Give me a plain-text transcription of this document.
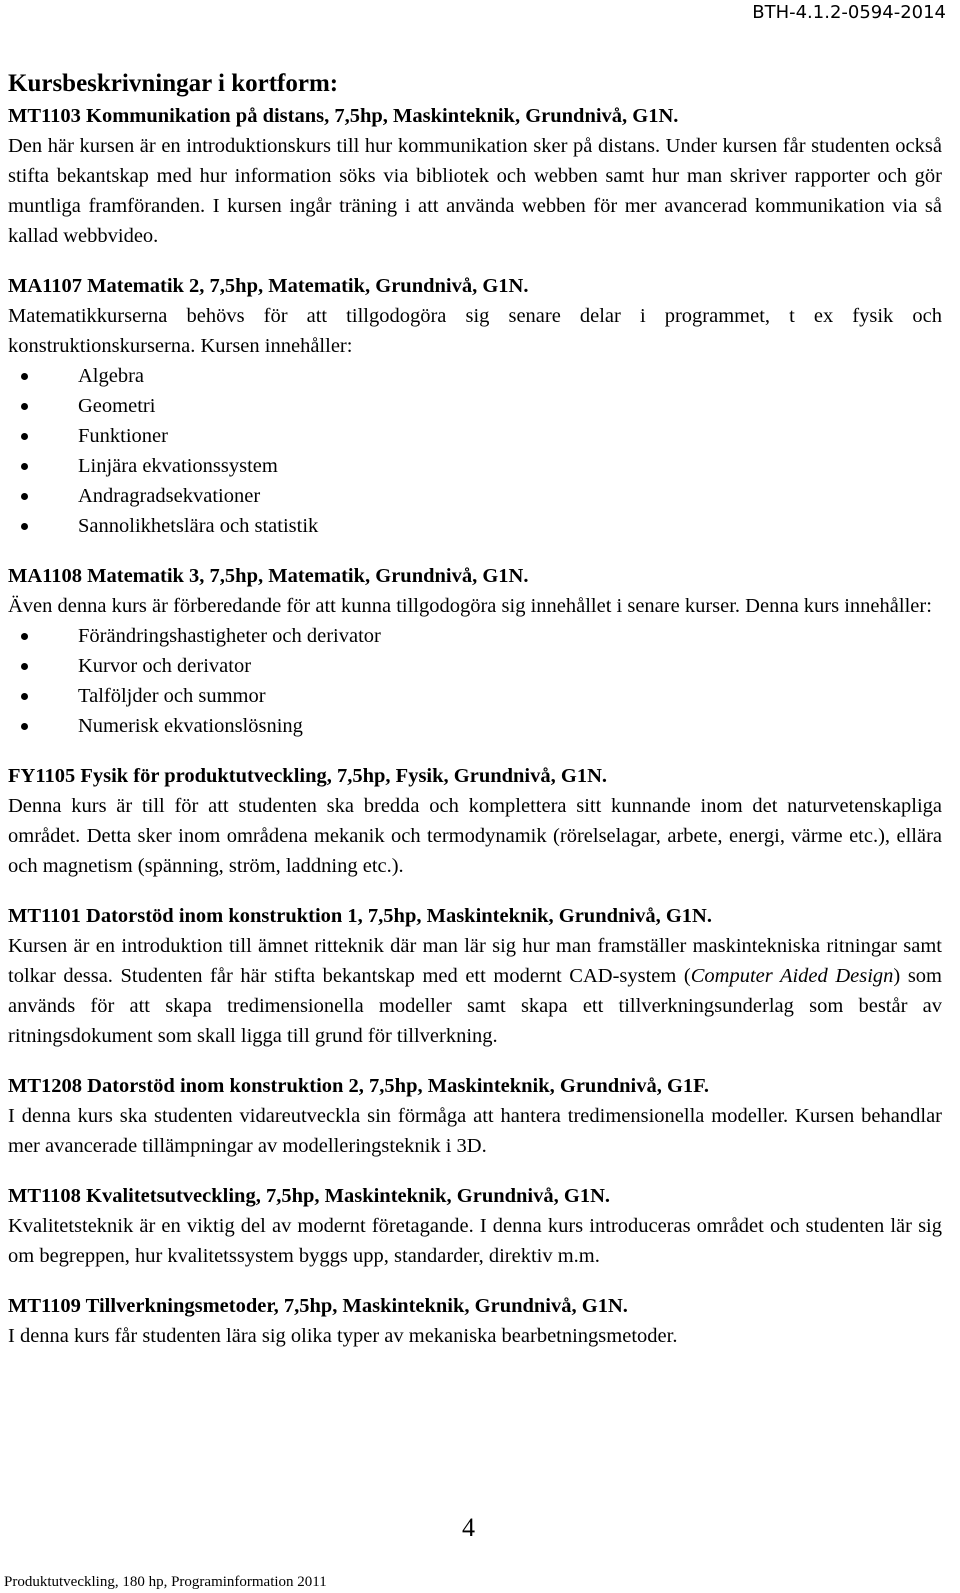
BTH-4.1.2-0594-2014
Kursbeskrivningar i kortform:

MT1103 Kommunikation på distans, 7,5hp, Maskinteknik, Grundnivå, G1N.

Den här kursen är en introduktionskurs till hur kommunikation sker på distans. Under kursen får studenten också stifta bekantskap med hur information söks via bibliotek och webben samt hur man skriver rapporter och gör muntliga framföranden. I kursen ingår träning i att använda webben för mer avancerad kommunikation via så kallad webbvideo.

MA1107 Matematik 2, 7,5hp, Matematik, Grundnivå, G1N.

Matematikkurserna behövs för att tillgodogöra sig senare delar i programmet, t ex fysik och konstruktionskurserna. Kursen innehåller:

Algebra
Geometri
Funktioner
Linjära ekvationssystem
Andragradsekvationer
Sannolikhetslära och statistik

MA1108 Matematik 3, 7,5hp, Matematik, Grundnivå, G1N.

Även denna kurs är förberedande för att kunna tillgodogöra sig innehållet i senare kurser. Denna kurs innehåller:

Förändringshastigheter och derivator
Kurvor och derivator
Talföljder och summor
Numerisk ekvationslösning

FY1105 Fysik för produktutveckling, 7,5hp, Fysik, Grundnivå, G1N.

Denna kurs är till för att studenten ska bredda och komplettera sitt kunnande inom det naturvetenskapliga området. Detta sker inom områdena mekanik och termodynamik (rörelselagar, arbete, energi, värme etc.), ellära och magnetism (spänning, ström, laddning etc.).

MT1101 Datorstöd inom konstruktion 1, 7,5hp, Maskinteknik, Grundnivå, G1N.

Kursen är en introduktion till ämnet ritteknik där man lär sig hur man framställer maskintekniska ritningar samt tolkar dessa. Studenten får här stifta bekantskap med ett modernt CAD-system (Computer Aided Design) som används för att skapa tredimensionella modeller samt skapa ett tillverkningsunderlag som består av ritningsdokument som skall ligga till grund för tillverkning.

MT1208 Datorstöd inom konstruktion 2, 7,5hp, Maskinteknik, Grundnivå, G1F.

I denna kurs ska studenten vidareutveckla sin förmåga att hantera tredimensionella modeller. Kursen behandlar mer avancerade tillämpningar av modelleringsteknik i 3D.

MT1108 Kvalitetsutveckling, 7,5hp, Maskinteknik, Grundnivå, G1N.

Kvalitetsteknik är en viktig del av modernt företagande. I denna kurs introduceras området och studenten lär sig om begreppen, hur kvalitetssystem byggs upp, standarder, direktiv m.m.

MT1109 Tillverkningsmetoder, 7,5hp, Maskinteknik, Grundnivå, G1N.

I denna kurs får studenten lära sig olika typer av mekaniska bearbetningsmetoder.

4
Produktutveckling, 180 hp, Programinformation 2011
